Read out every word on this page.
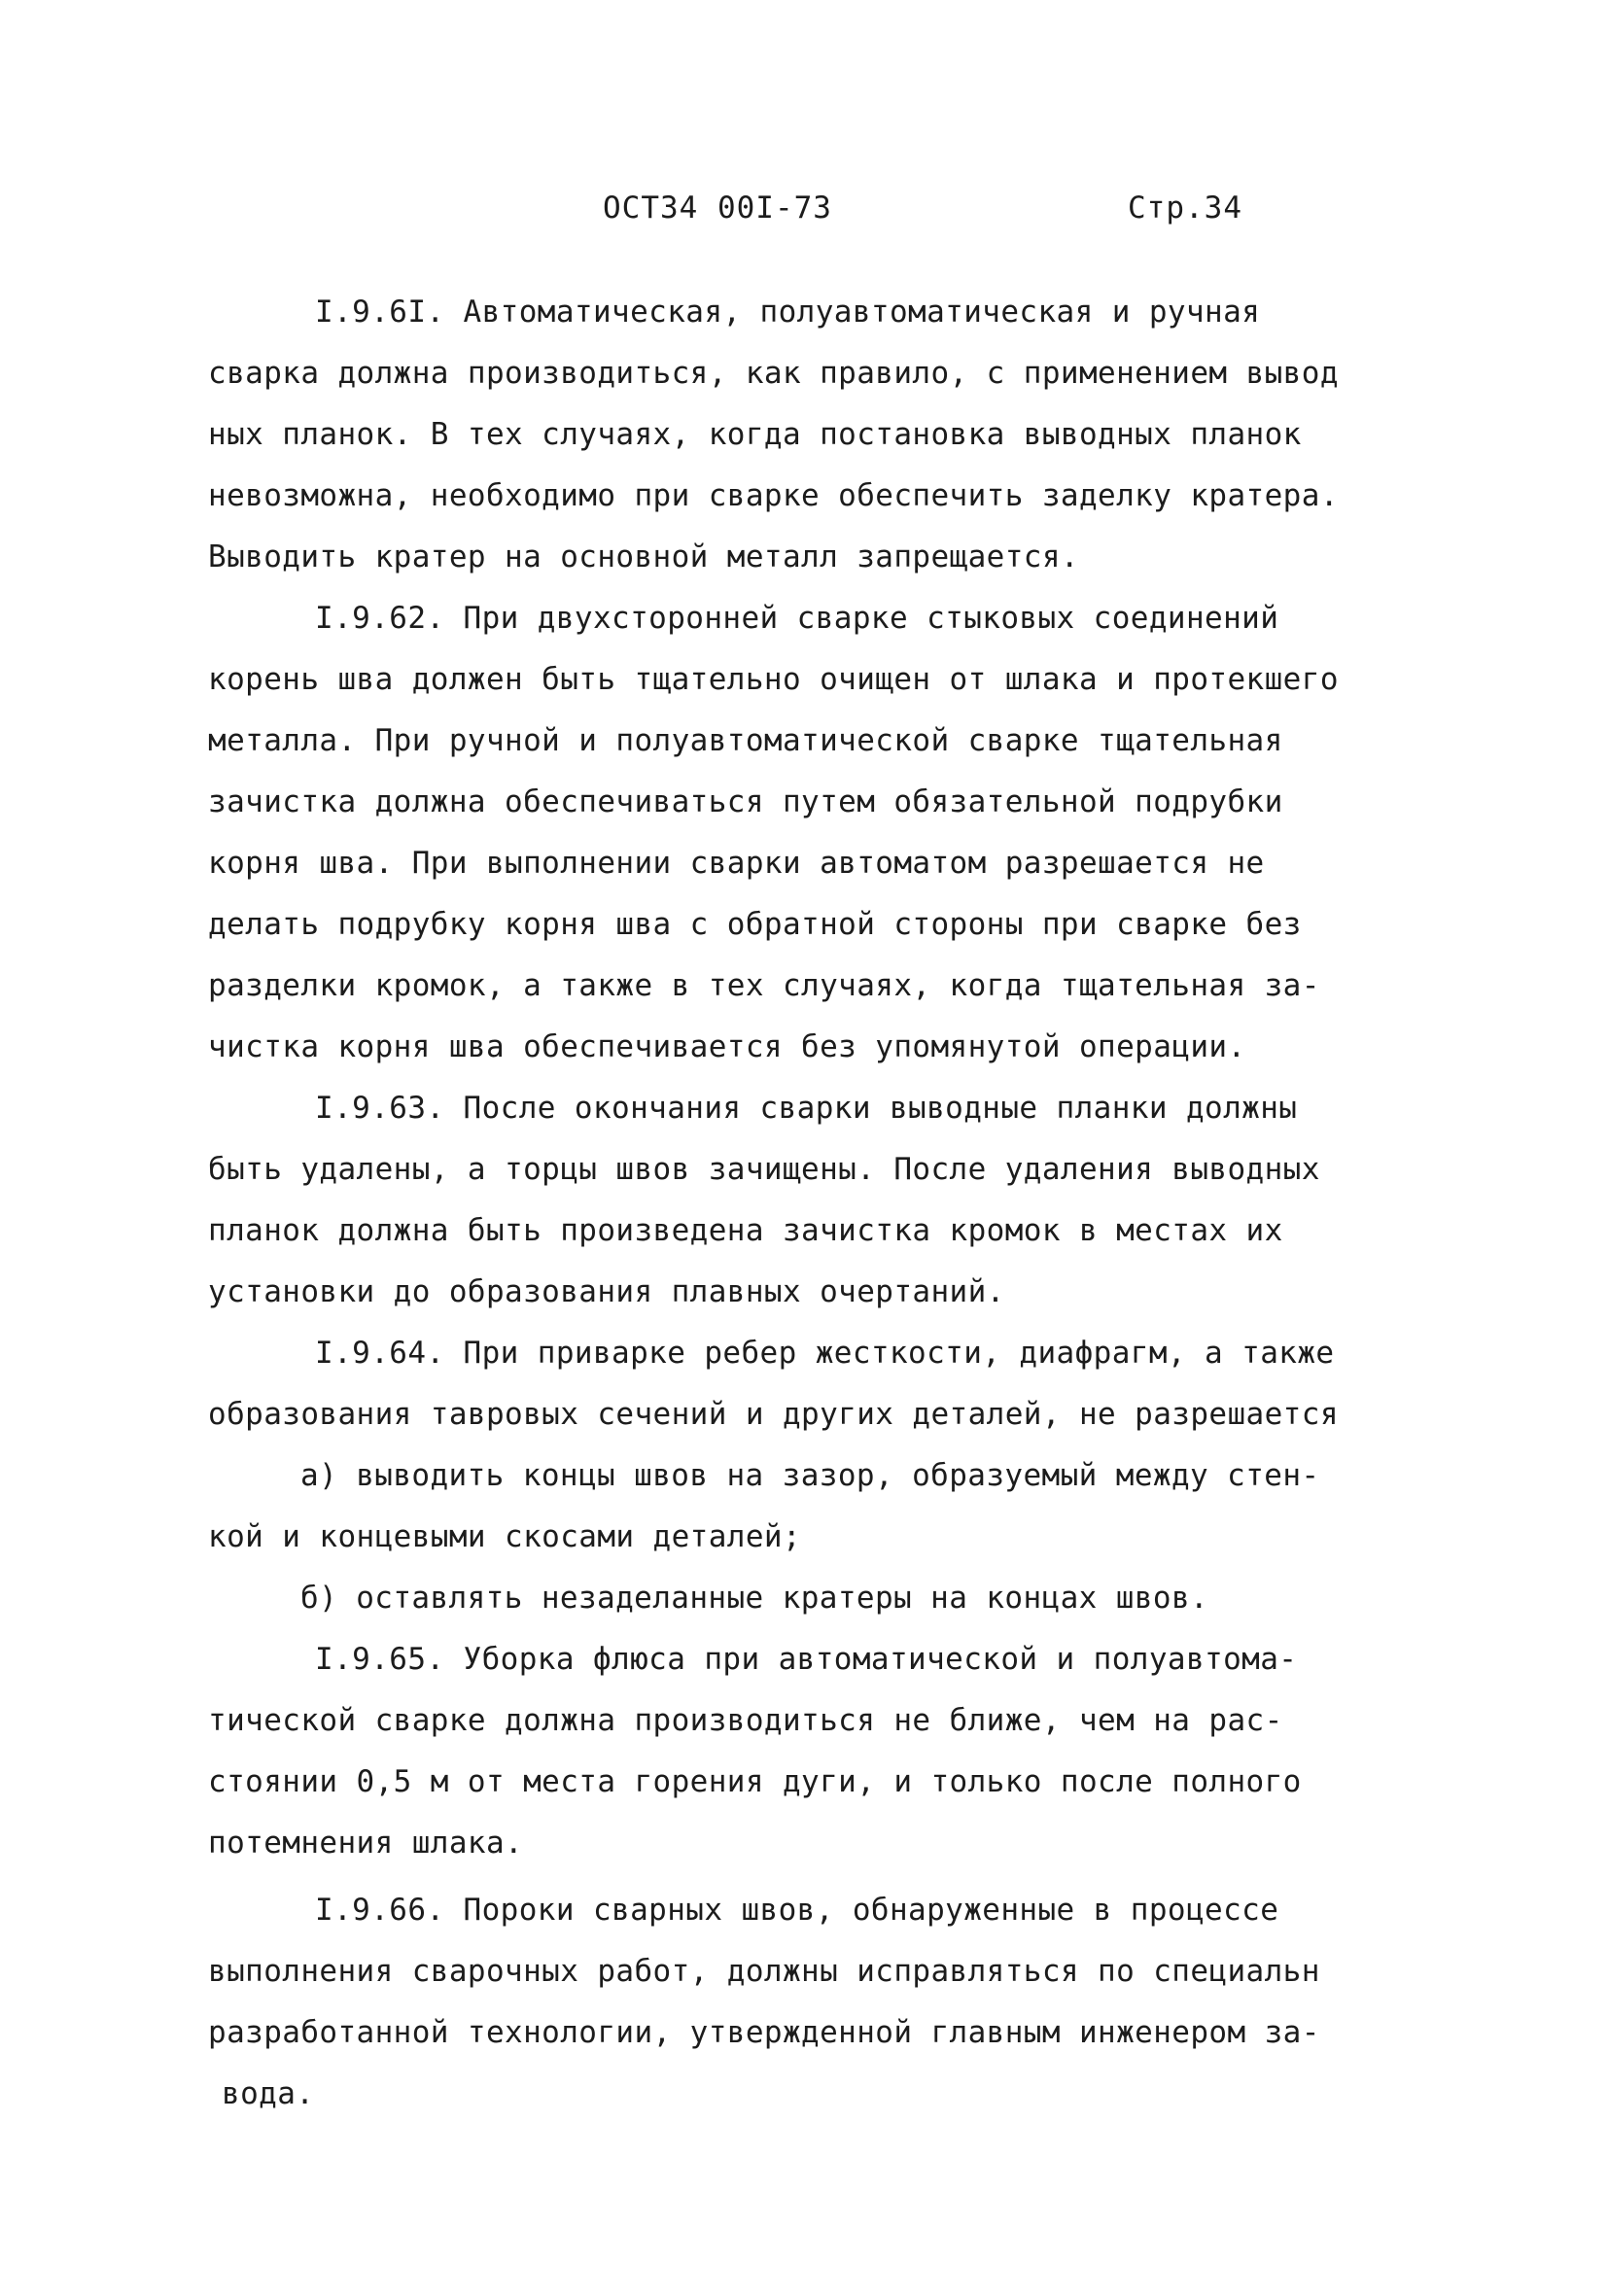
ОСТ34 00I-73	Стр.34
I.9.6I. Автоматическая, полуавтоматическая и ручная
сварка должна производиться, как правило, с применением вывод
ных планок. В тех случаях, когда постановка выводных планок
невозможна, необходимо при сварке обеспечить заделку кратера.
Выводить кратер на основной металл запрещается.
I.9.62. При двухсторонней сварке стыковых соединений
корень шва должен быть тщательно очищен от шлака и протекшего
металла. При ручной и полуавтоматической сварке тщательная
зачистка должна обеспечиваться путем обязательной подрубки
корня шва. При выполнении сварки автоматом разрешается не
делать подрубку корня шва с обратной стороны при сварке без
разделки кромок, а также в тех случаях, когда тщательная за-
чистка корня шва обеспечивается без упомянутой операции.
I.9.63. После окончания сварки выводные планки должны
быть удалены, а торцы швов зачищены. После удаления выводных
планок должна быть произведена зачистка кромок в местах их
установки до образования плавных очертаний.
I.9.64. При приварке ребер жесткости, диафрагм, а также
образования тавровых сечений и других деталей, не разрешается
а) выводить концы швов на зазор, образуемый между стен-
кой и концевыми скосами деталей;
б) оставлять незаделанные кратеры на концах швов.
I.9.65. Уборка флюса при автоматической и полуавтома-
тической сварке должна производиться не ближе, чем на рас-
стоянии 0,5 м от места горения дуги, и только после полного
потемнения шлака.
I.9.66. Пороки сварных швов, обнаруженные в процессе
выполнения сварочных работ, должны исправляться по специальн
разработанной технологии, утвержденной главным инженером за-
вода.
